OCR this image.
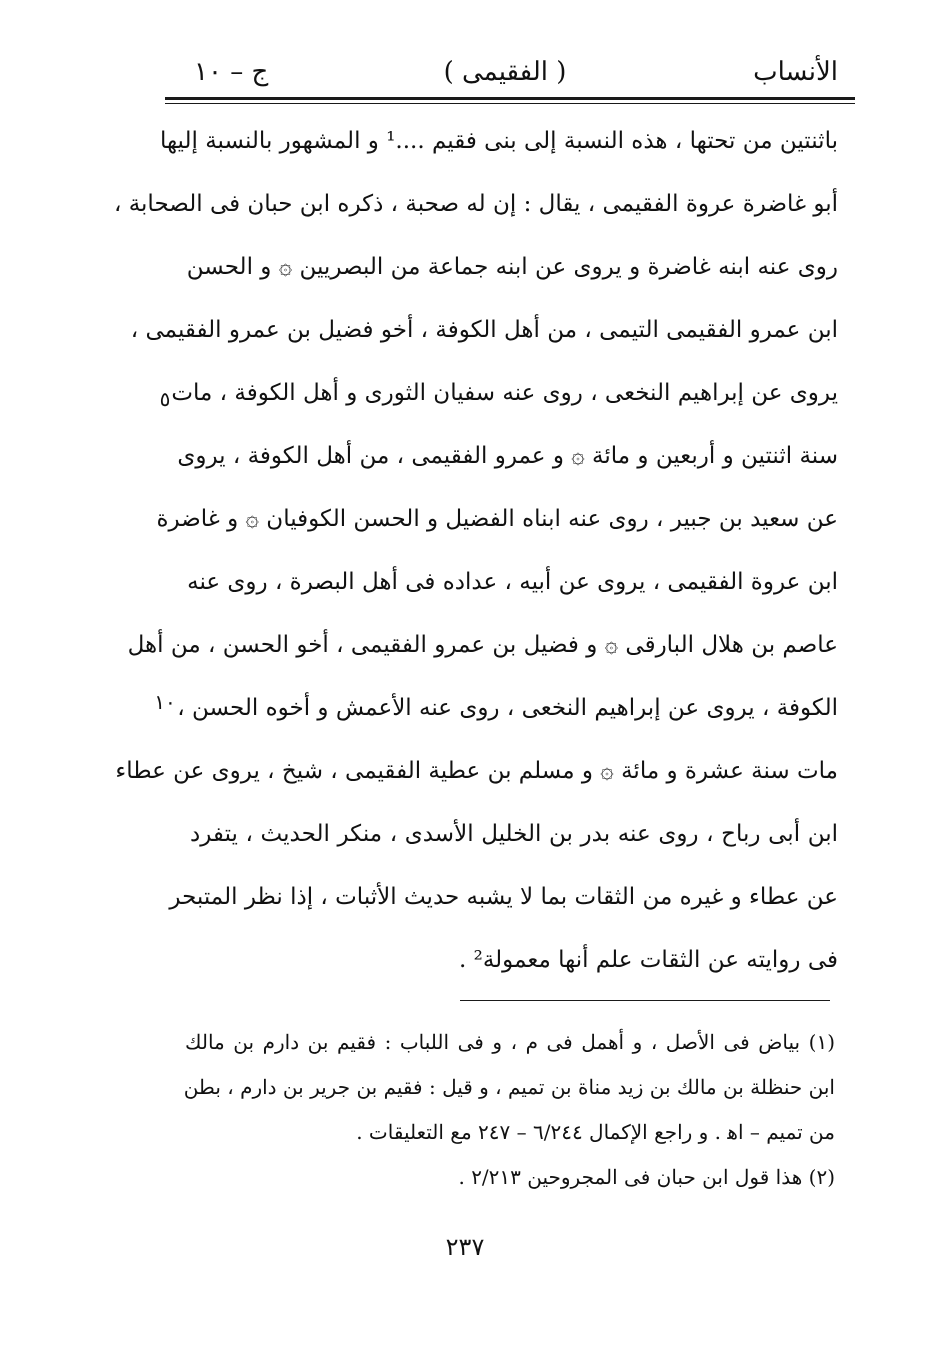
الأنساب
( الفقيمى )
ج – ١٠
باثنتين من تحتها ، هذه النسبة إلى بنى فقيم ....¹ و المشهور بالنسبة إليها
أبو غاضرة عروة الفقيمى ، يقال : إن له صحبة ، ذكره ابن حبان فى الصحابة ،
روى عنه ابنه غاضرة و يروى عن ابنه جماعة من البصريين ۞ و الحسن
ابن عمرو الفقيمى التيمى ، من أهل الكوفة ، أخو فضيل بن عمرو الفقيمى ،
يروى عن إبراهيم النخعى ، روى عنه سفيان الثورى و أهل الكوفة ، مات
سنة اثنتين و أربعين و مائة ۞ و عمرو الفقيمى ، من أهل الكوفة ، يروى
عن سعيد بن جبير ، روى عنه ابناه الفضيل و الحسن الكوفيان ۞ و غاضرة
ابن عروة الفقيمى ، يروى عن أبيه ، عداده فى أهل البصرة ، روى عنه
عاصم بن هلال البارقى ۞ و فضيل بن عمرو الفقيمى ، أخو الحسن ، من أهل
الكوفة ، يروى عن إبراهيم النخعى ، روى عنه الأعمش و أخوه الحسن ،
مات سنة عشرة و مائة ۞ و مسلم بن عطية الفقيمى ، شيخ ، يروى عن عطاء
ابن أبى رباح ، روى عنه بدر بن الخليل الأسدى ، منكر الحديث ، يتفرد
عن عطاء و غيره من الثقات بما لا يشبه حديث الأثبات ، إذا نظر المتبحر
فى روايته عن الثقات علم أنها معمولة² .
٥
١٠
(١) بياض فى الأصل ، و أهمل فى م ، و فى اللباب : فقيم بن دارم بن مالك
ابن حنظلة بن مالك بن زيد مناة بن تميم ، و قيل : فقيم بن جرير بن دارم ، بطن
من تميم – اﻫ . و راجع الإكمال ٦/٢٤٤ – ٢٤٧ مع التعليقات .
(٢) هذا قول ابن حبان فى المجروحين ٢/٢١٣ .
٢٣٧
